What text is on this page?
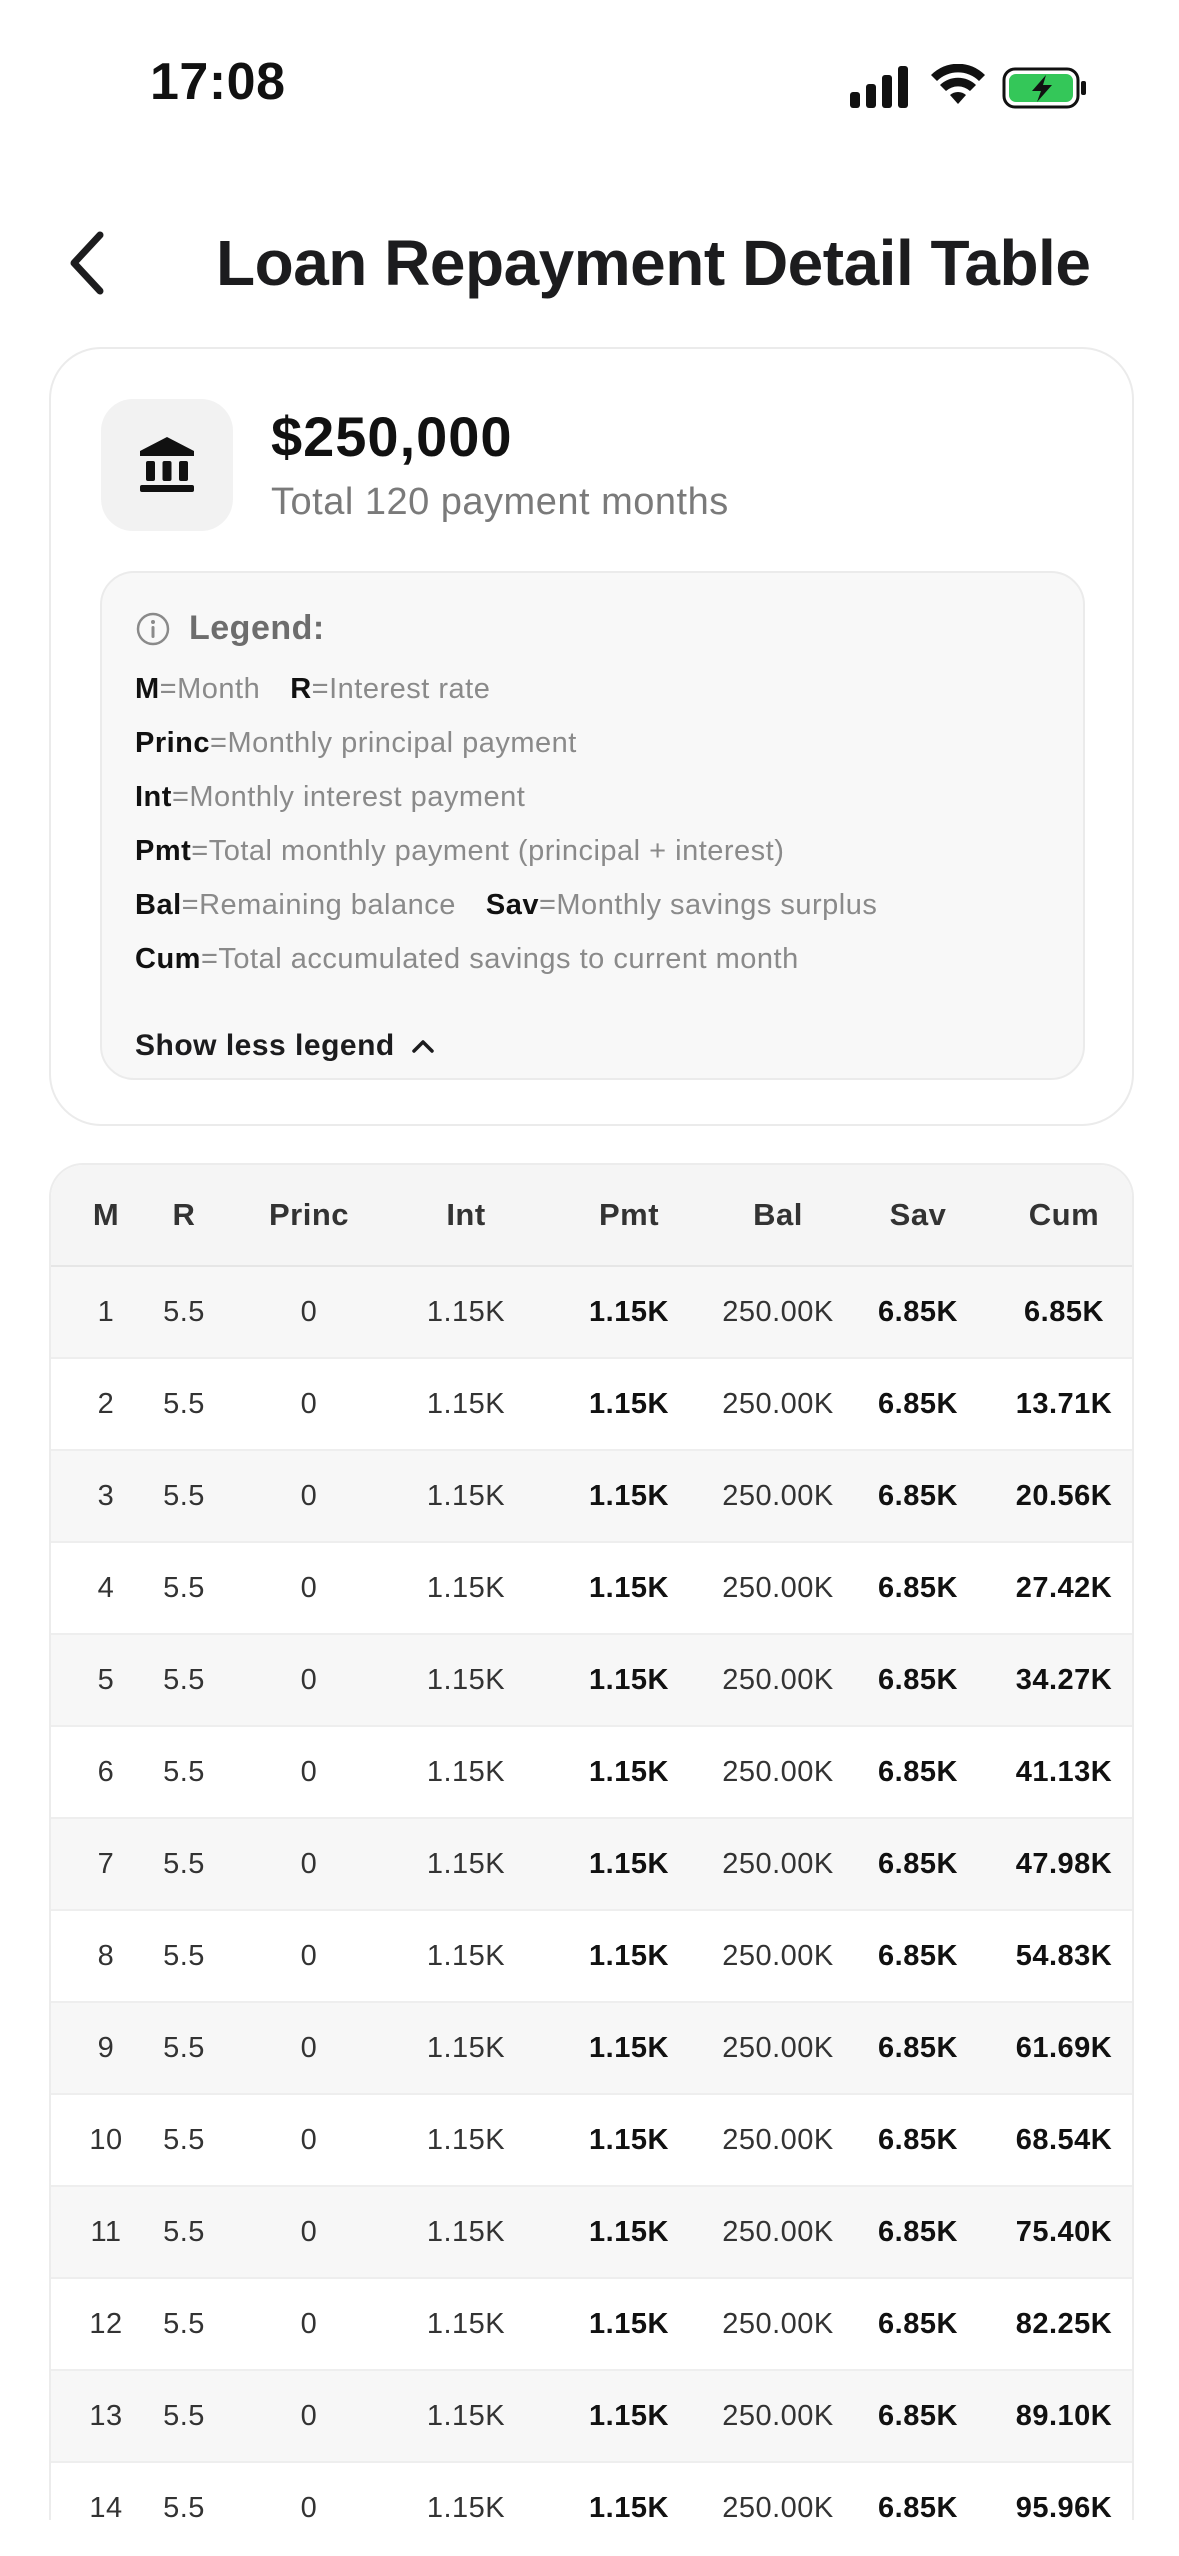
17:08
Loan Repayment Detail Table
$250,000
Total 120 payment months
Legend:
M=Month R=Interest rate
Princ=Monthly principal payment
Int=Monthly interest payment
Pmt=Total monthly payment (principal + interest)
Bal=Remaining balance Sav=Monthly savings surplus
Cum=Total accumulated savings to current month
Show less legend
M	R	Princ	Int	Pmt	Bal	Sav	Cum
1	5.5	0	1.15K	1.15K	250.00K	6.85K	6.85K
2	5.5	0	1.15K	1.15K	250.00K	6.85K	13.71K
3	5.5	0	1.15K	1.15K	250.00K	6.85K	20.56K
4	5.5	0	1.15K	1.15K	250.00K	6.85K	27.42K
5	5.5	0	1.15K	1.15K	250.00K	6.85K	34.27K
6	5.5	0	1.15K	1.15K	250.00K	6.85K	41.13K
7	5.5	0	1.15K	1.15K	250.00K	6.85K	47.98K
8	5.5	0	1.15K	1.15K	250.00K	6.85K	54.83K
9	5.5	0	1.15K	1.15K	250.00K	6.85K	61.69K
10	5.5	0	1.15K	1.15K	250.00K	6.85K	68.54K
11	5.5	0	1.15K	1.15K	250.00K	6.85K	75.40K
12	5.5	0	1.15K	1.15K	250.00K	6.85K	82.25K
13	5.5	0	1.15K	1.15K	250.00K	6.85K	89.10K
14	5.5	0	1.15K	1.15K	250.00K	6.85K	95.96K
